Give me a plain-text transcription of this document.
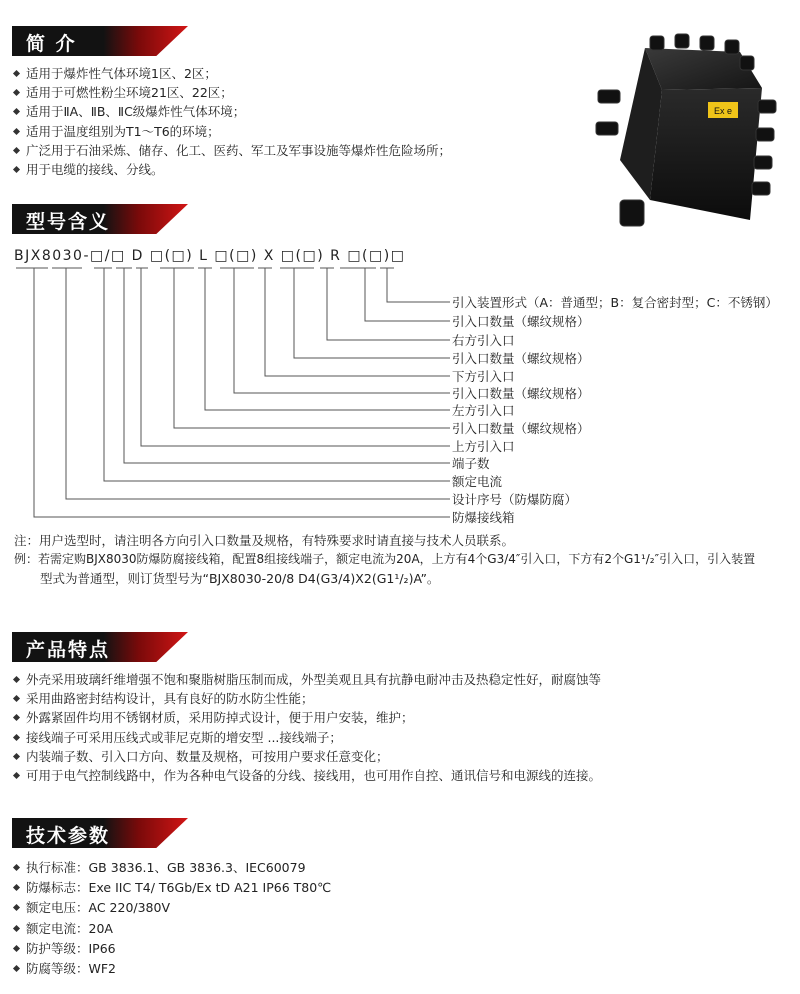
简 介
适用于爆炸性气体环境1区、2区；
适用于可燃性粉尘环境21区、22区；
适用于ⅡA、ⅡB、ⅡC级爆炸性气体环境；
适用于温度组别为T1～T6的环境；
广泛用于石油采炼、储存、化工、医药、军工及军事设施等爆炸性危险场所；
用于电缆的接线、分线。
Ex e
型号含义
BJX8030-□/□ D □(□) L □(□) X □(□) R □(□)□
引入装置形式（A：普通型；B：复合密封型；C：不锈钢）
引入口数量（螺纹规格）
右方引入口
引入口数量（螺纹规格）
下方引入口
引入口数量（螺纹规格）
左方引入口
引入口数量（螺纹规格）
上方引入口
端子数
额定电流
设计序号（防爆防腐）
防爆接线箱
注：用户选型时，请注明各方向引入口数量及规格，有特殊要求时请直接与技术人员联系。
例：若需定购BJX8030防爆防腐接线箱，配置8组接线端子，额定电流为20A，上方有4个G3/4″引入口，下方有2个G1¹/₂″引入口，引入装置
型式为普通型，则订货型号为“BJX8030-20/8 D4(G3/4)X2(G1¹/₂)A”。
产品特点
外壳采用玻璃纤维增强不饱和聚脂树脂压制而成，外型美观且具有抗静电耐冲击及热稳定性好，耐腐蚀等
采用曲路密封结构设计，具有良好的防水防尘性能；
外露紧固件均用不锈钢材质，采用防掉式设计，便于用户安装，维护；
接线端子可采用压线式或菲尼克斯的增安型 ...接线端子；
内装端子数、引入口方向、数量及规格，可按用户要求任意变化；
可用于电气控制线路中，作为各种电气设备的分线、接线用，也可用作自控、通讯信号和电源线的连接。
技术参数
执行标准：GB 3836.1、GB 3836.3、IEC60079
防爆标志：Exe IIC T4/ T6Gb/Ex tD A21 IP66 T80℃
额定电压：AC 220/380V
额定电流：20A
防护等级：IP66
防腐等级：WF2
